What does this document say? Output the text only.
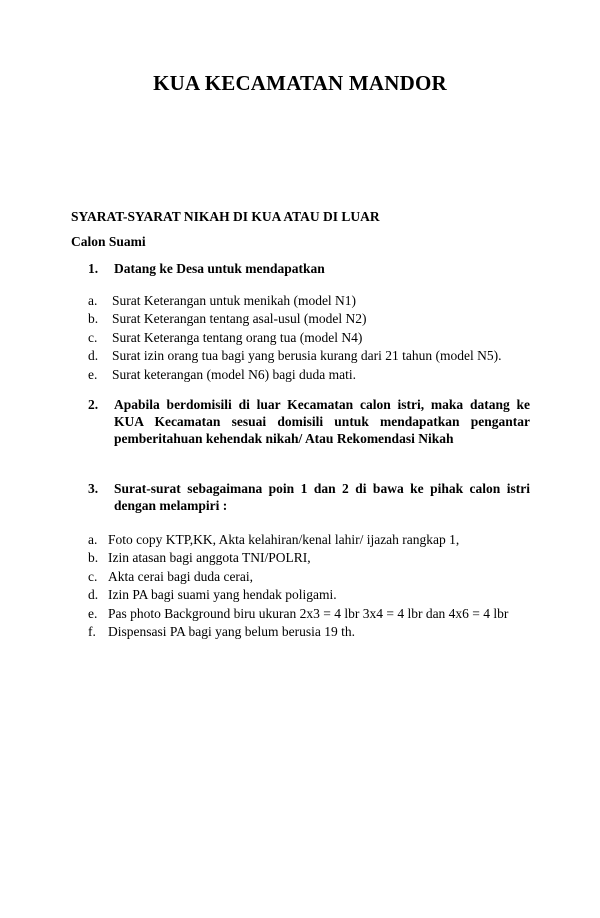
KUA KECAMATAN MANDOR
SYARAT-SYARAT NIKAH DI KUA ATAU DI LUAR
Calon Suami
1. Datang ke Desa untuk mendapatkan
a. Surat Keterangan untuk menikah (model N1)
b. Surat Keterangan tentang asal-usul (model N2)
c. Surat Keteranga tentang orang tua (model N4)
d. Surat izin orang tua bagi yang berusia kurang dari 21 tahun (model N5).
e. Surat keterangan (model N6) bagi duda mati.
2. Apabila berdomisili di luar Kecamatan calon istri, maka datang ke KUA Kecamatan sesuai domisili untuk mendapatkan pengantar pemberitahuan kehendak nikah/ Atau Rekomendasi Nikah
3. Surat-surat sebagaimana poin 1 dan 2 di bawa ke pihak calon istri dengan melampiri :
a. Foto copy KTP,KK, Akta kelahiran/kenal lahir/ ijazah rangkap 1,
b. Izin atasan bagi anggota TNI/POLRI,
c. Akta cerai bagi duda cerai,
d. Izin PA bagi suami yang hendak poligami.
e. Pas photo Background biru ukuran 2x3 = 4 lbr 3x4 = 4 lbr dan 4x6 = 4 lbr
f. Dispensasi PA bagi yang belum berusia 19 th.
